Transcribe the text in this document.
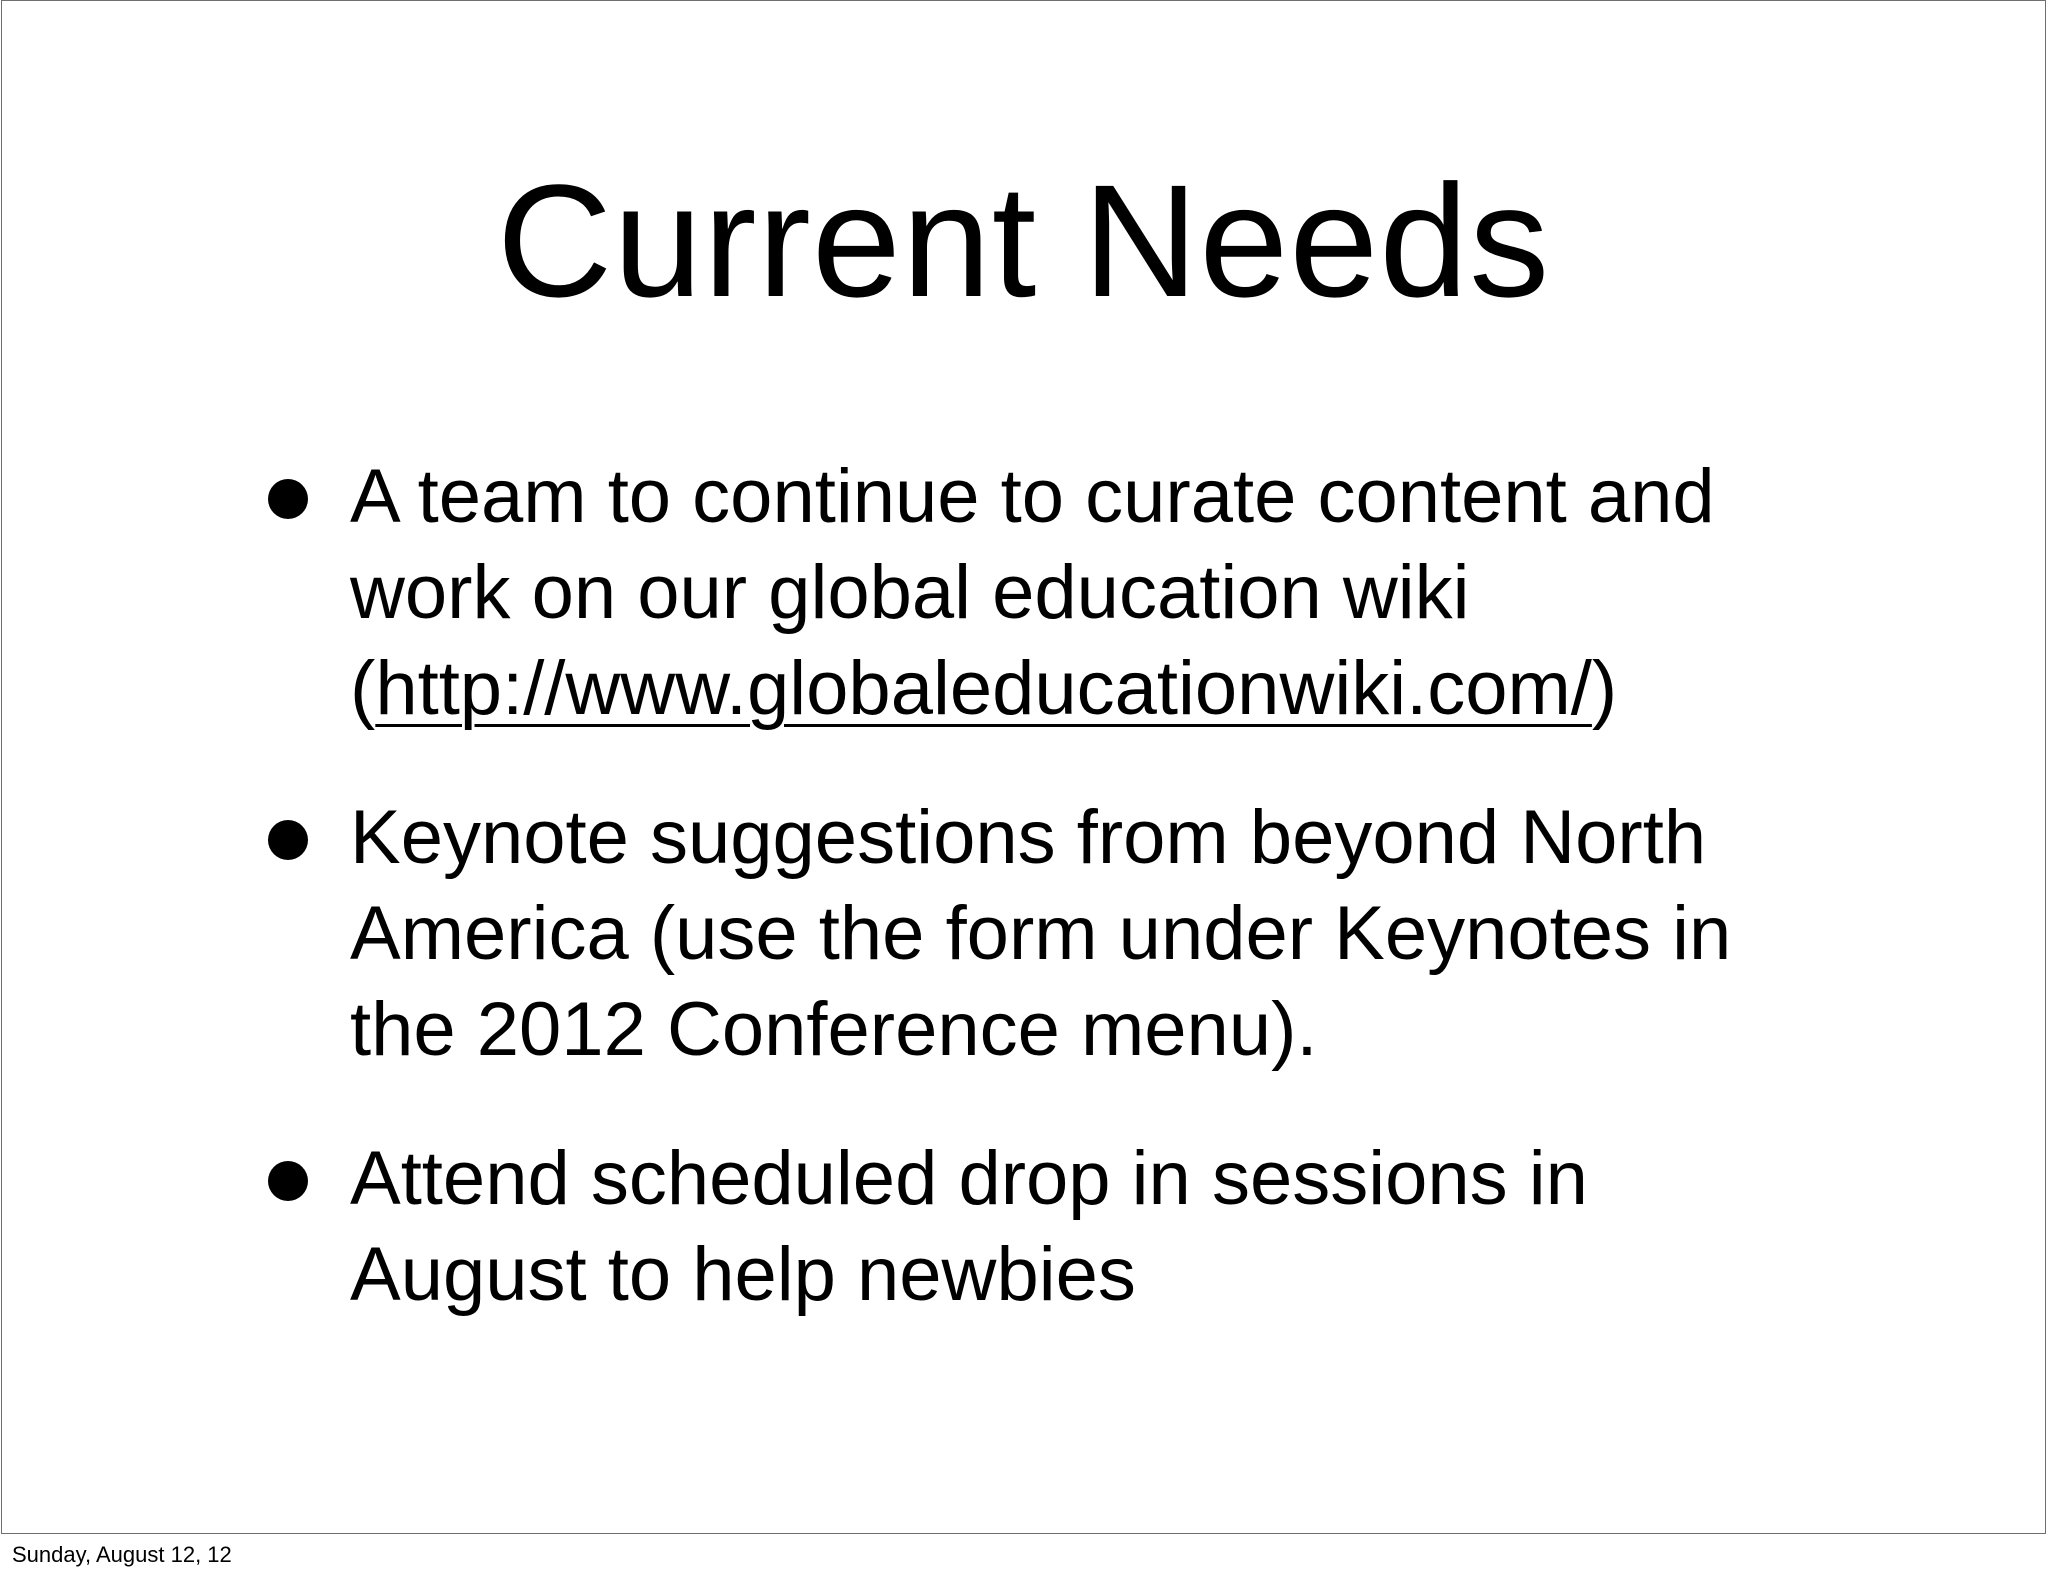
Current Needs
A team to continue to curate content and work on our global education wiki (http://www.globaleducationwiki.com/)
Keynote suggestions from beyond North America (use the form under Keynotes in the 2012 Conference menu).
Attend scheduled drop in sessions in August to help newbies
Sunday, August 12, 12
